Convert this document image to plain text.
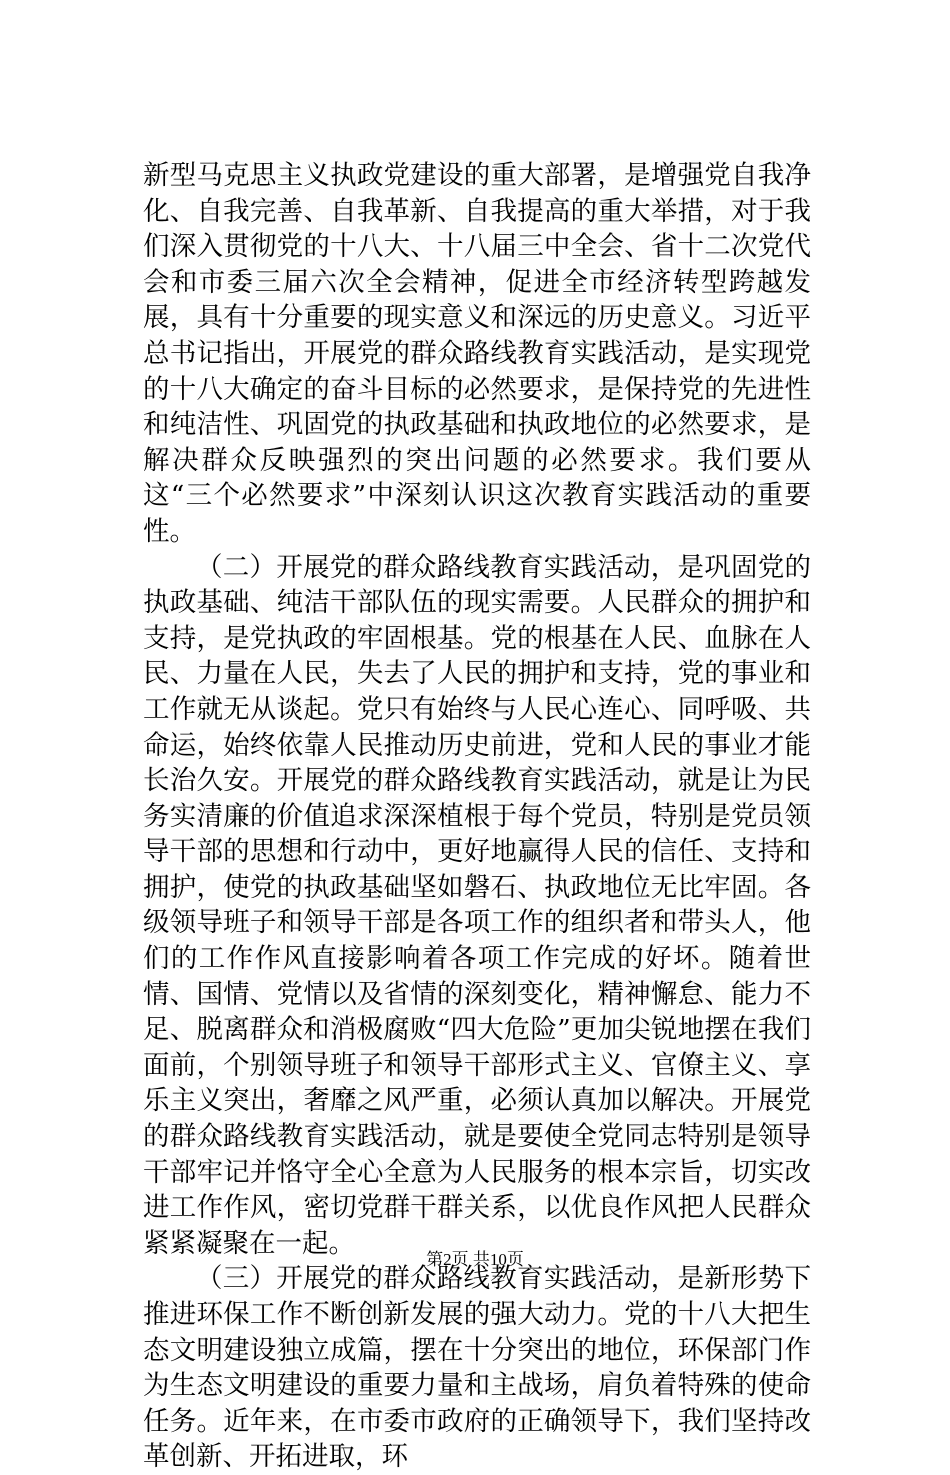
新型马克思主义执政党建设的重大部署，是增强党自我净化、自我完善、自我革新、自我提高的重大举措，对于我们深入贯彻党的十八大、十八届三中全会、省十二次党代会和市委三届六次全会精神，促进全市经济转型跨越发展，具有十分重要的现实意义和深远的历史意义。习近平总书记指出，开展党的群众路线教育实践活动，是实现党的十八大确定的奋斗目标的必然要求，是保持党的先进性和纯洁性、巩固党的执政基础和执政地位的必然要求，是解决群众反映强烈的突出问题的必然要求。我们要从这“三个必然要求”中深刻认识这次教育实践活动的重要性。

（二）开展党的群众路线教育实践活动，是巩固党的执政基础、纯洁干部队伍的现实需要。人民群众的拥护和支持，是党执政的牢固根基。党的根基在人民、血脉在人民、力量在人民，失去了人民的拥护和支持，党的事业和工作就无从谈起。党只有始终与人民心连心、同呼吸、共命运，始终依靠人民推动历史前进，党和人民的事业才能长治久安。开展党的群众路线教育实践活动，就是让为民务实清廉的价值追求深深植根于每个党员，特别是党员领导干部的思想和行动中，更好地赢得人民的信任、支持和拥护，使党的执政基础坚如磐石、执政地位无比牢固。各级领导班子和领导干部是各项工作的组织者和带头人，他们的工作作风直接影响着各项工作完成的好坏。随着世情、国情、党情以及省情的深刻变化，精神懈怠、能力不足、脱离群众和消极腐败“四大危险”更加尖锐地摆在我们面前，个别领导班子和领导干部形式主义、官僚主义、享乐主义突出，奢靡之风严重，必须认真加以解决。开展党的群众路线教育实践活动，就是要使全党同志特别是领导干部牢记并恪守全心全意为人民服务的根本宗旨，切实改进工作作风，密切党群干群关系，以优良作风把人民群众紧紧凝聚在一起。

（三）开展党的群众路线教育实践活动，是新形势下推进环保工作不断创新发展的强大动力。党的十八大把生态文明建设独立成篇，摆在十分突出的地位，环保部门作为生态文明建设的重要力量和主战场，肩负着特殊的使命任务。近年来，在市委市政府的正确领导下，我们坚持改革创新、开拓进取，环

第2页 共10页
